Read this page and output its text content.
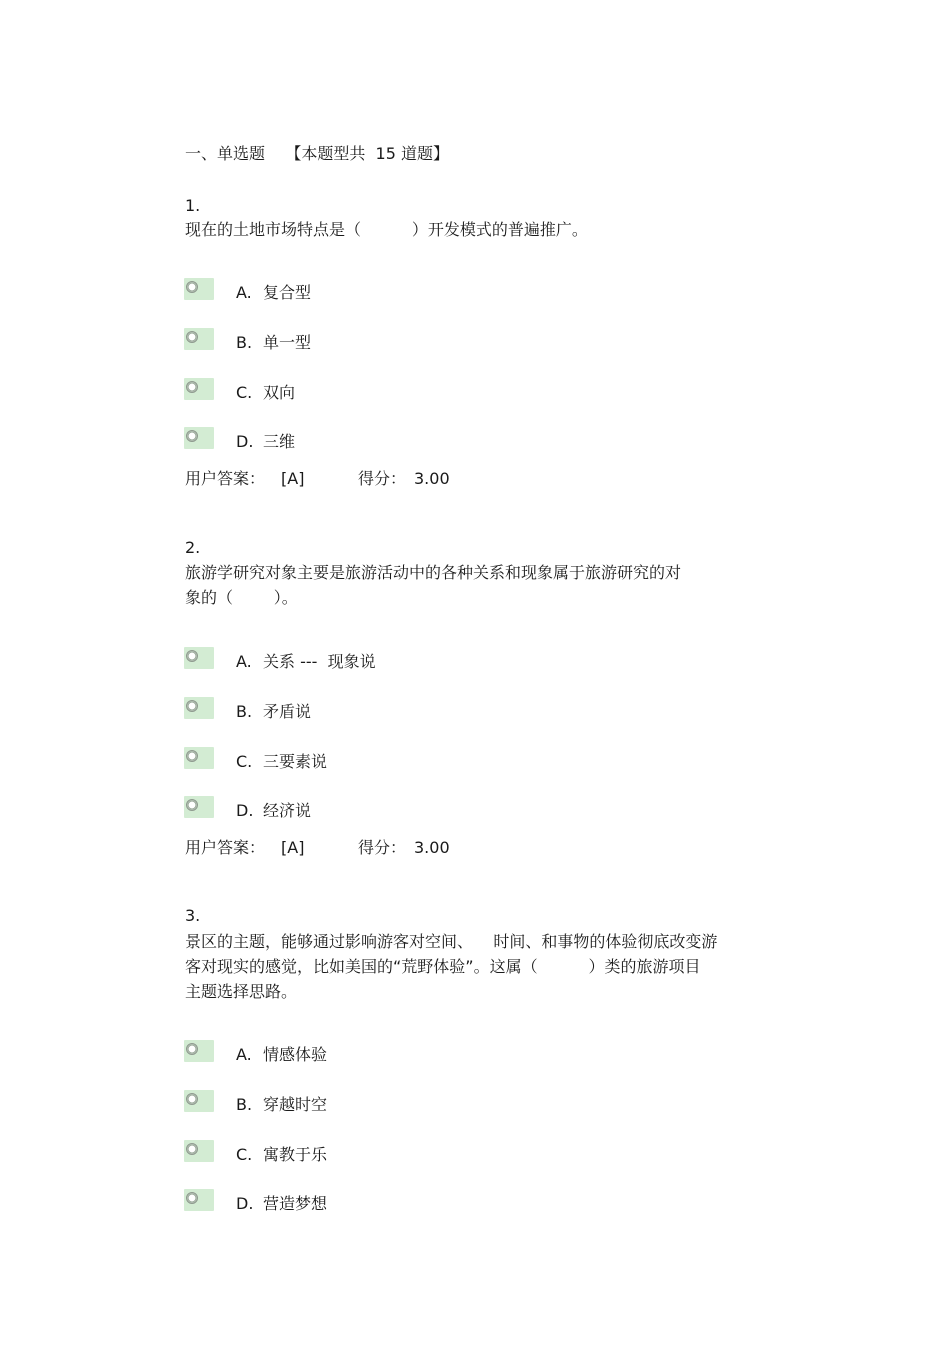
一、单选题    【本题型共  15 道题】
1.
现在的土地市场特点是（          ）开发模式的普遍推广。
A. 复合型
B. 单一型
C. 双向
D. 三维
用户答案： [A]	得分： 3.00
2.
旅游学研究对象主要是旅游活动中的各种关系和现象属于旅游研究的对
象的（        ）。
A. 关系 ---  现象说
B. 矛盾说
C. 三要素说
D. 经济说
用户答案： [A]	得分： 3.00
3.
景区的主题，能够通过影响游客对空间、    时间、和事物的体验彻底改变游
客对现实的感觉，比如美国的“荒野体验”。这属（          ）类的旅游项目
主题选择思路。
A. 情感体验
B. 穿越时空
C. 寓教于乐
D. 营造梦想
